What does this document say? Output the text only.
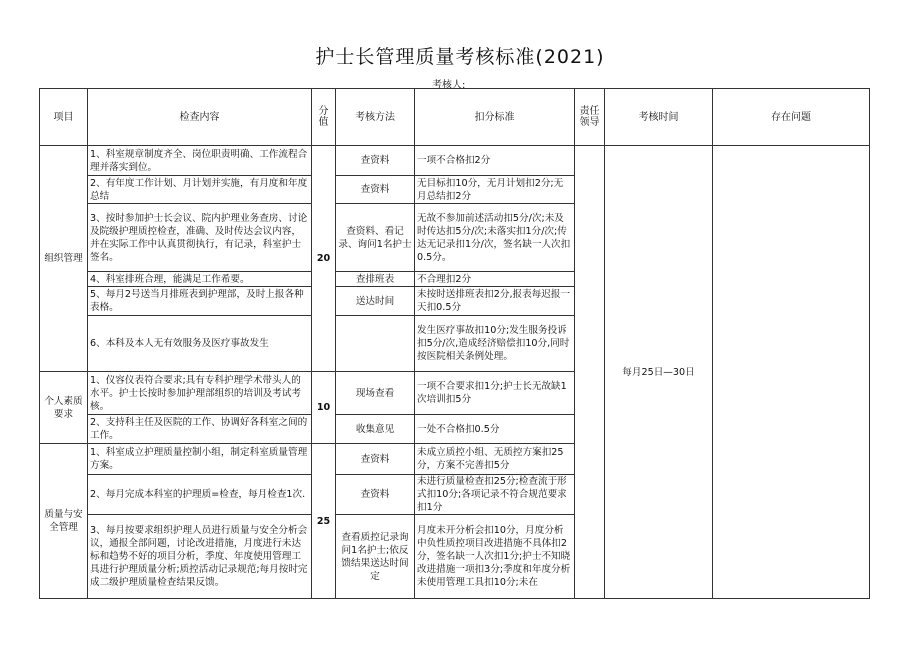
护士长管理质量考核标准(2021)
考核人:
项目	检查内容	分值	考核方法	扣分标准	责任领导	考核时间	存在问题
组织管理	1、科室规章制度齐全、岗位职责明确、工作流程合理并落实到位。	20	查资料	一项不合格扣2分		每月25日—30日	
	2、有年度工作计划、月计划并实施，有月度和年度总结		查资料	无目标扣10分，无月计划扣2分;无月总结扣2分			
	3、按时参加护士长会议、院内护理业务查房、讨论及院级护理质控检查，准确、及时传达会议内容，并在实际工作中认真贯彻执行，有记录，科室护士签名。		查资料、看记录、询问1名护士	无故不参加前述活动扣5分/次;未及时传达扣5分/次;未落实扣1分/次;传达无记录扣1分/次，签名缺一人次扣0.5分。			
	4、科室排班合理，能满足工作希要。		查排班表	不合理扣2分			
	5、每月2号送当月排班表到护理部，及时上报各种表格。		送达时间	未按时送排班表扣2分,报表每迟报一天扣0.5分			
	6、本科及本人无有效服务及医疗事故发生			发生医疗事故扣10分;发生服务投诉扣5分/次,造成经济赔偿扣10分,同时按医院相关条例处理。			
个人素质要求	1、仪容仪表符合要求;具有专科护理学术带头人的水平。护士长按时参加护理部组织的培训及考试考核。	10	现场查看	一项不合要求扣1分;护士长无故缺1次培训扣5分			
	2、支持科主任及医院的工作、协调好各科室之间的工作。		收集意见	一处不合格扣0.5分			
质量与安全管理	1、科室成立护理质量控制小组，制定科室质量管理方案。	25	查资料	未成立质控小组、无质控方案扣25分，方案不完善扣5分			
	2、每月完成本科室的护理质=检查，每月检查1次.		查资料	未进行质量检查扣25分;检查流于形式扣10分;各项记录不符合规范要求扣1分			
	3、每月按要求组织护理人员进行质量与安全分析会议，通报全部问题，讨论改进措施，月度进行未达标和趋势不好的项目分析，季度、年度使用管理工具进行护理质量分析;质控活动记录规范;每月按时完成二级护理质量检查结果反馈。		查看质控记录询问1名护士;依反馈结果送达时间定	月度未开分析会扣10分，月度分析中负性质控项目改进措施不具体扣2分，签名缺一人次扣1分;护士不知晓改进措施一项扣3分;季度和年度分析未使用管理工具扣10分;未在			
